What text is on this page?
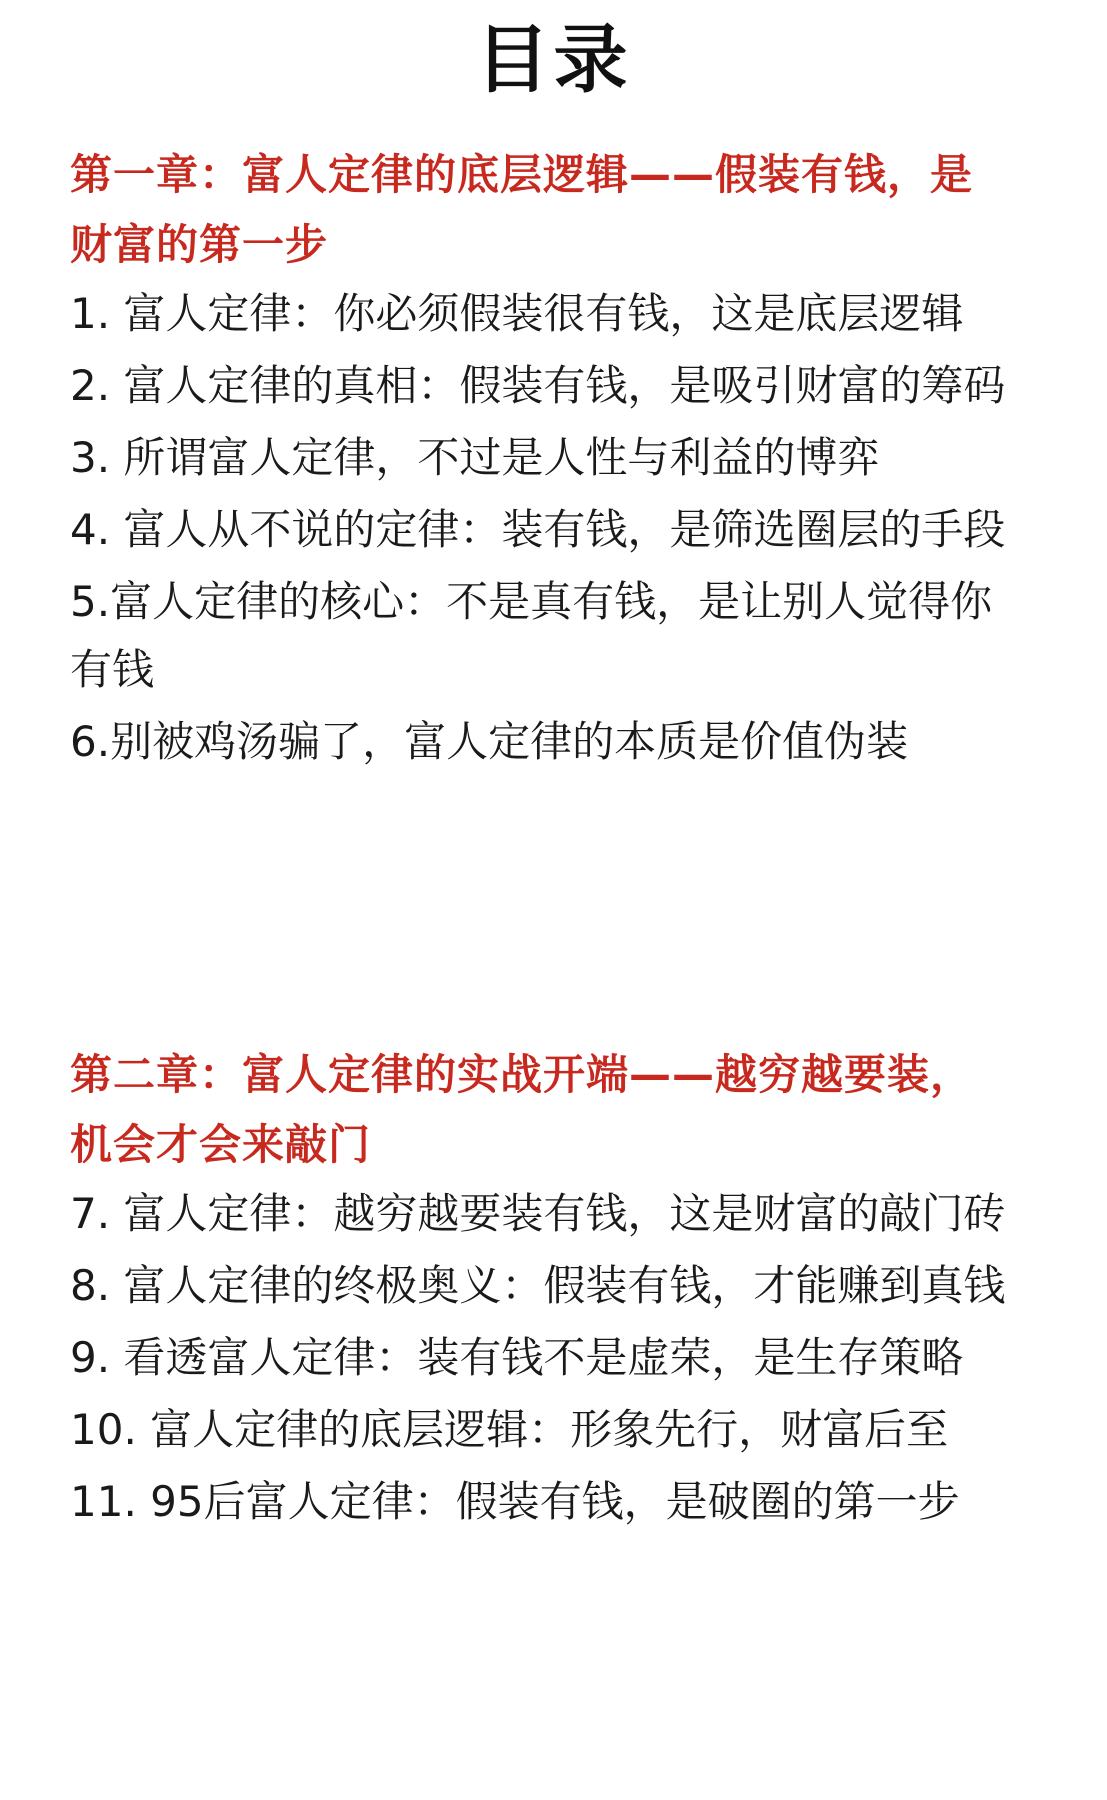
目录
第一章：富人定律的底层逻辑——假装有钱，是财富的第一步
1. 富人定律：你必须假装很有钱，这是底层逻辑
2. 富人定律的真相：假装有钱，是吸引财富的筹码
3. 所谓富人定律，不过是人性与利益的博弈
4. 富人从不说的定律：装有钱，是筛选圈层的手段
5.富人定律的核心：不是真有钱，是让别人觉得你有钱
6.别被鸡汤骗了，富人定律的本质是价值伪装
第二章：富人定律的实战开端——越穷越要装，机会才会来敲门
7. 富人定律：越穷越要装有钱，这是财富的敲门砖
8. 富人定律的终极奥义：假装有钱，才能赚到真钱
9. 看透富人定律：装有钱不是虚荣，是生存策略
10. 富人定律的底层逻辑：形象先行，财富后至
11. 95后富人定律：假装有钱，是破圈的第一步
